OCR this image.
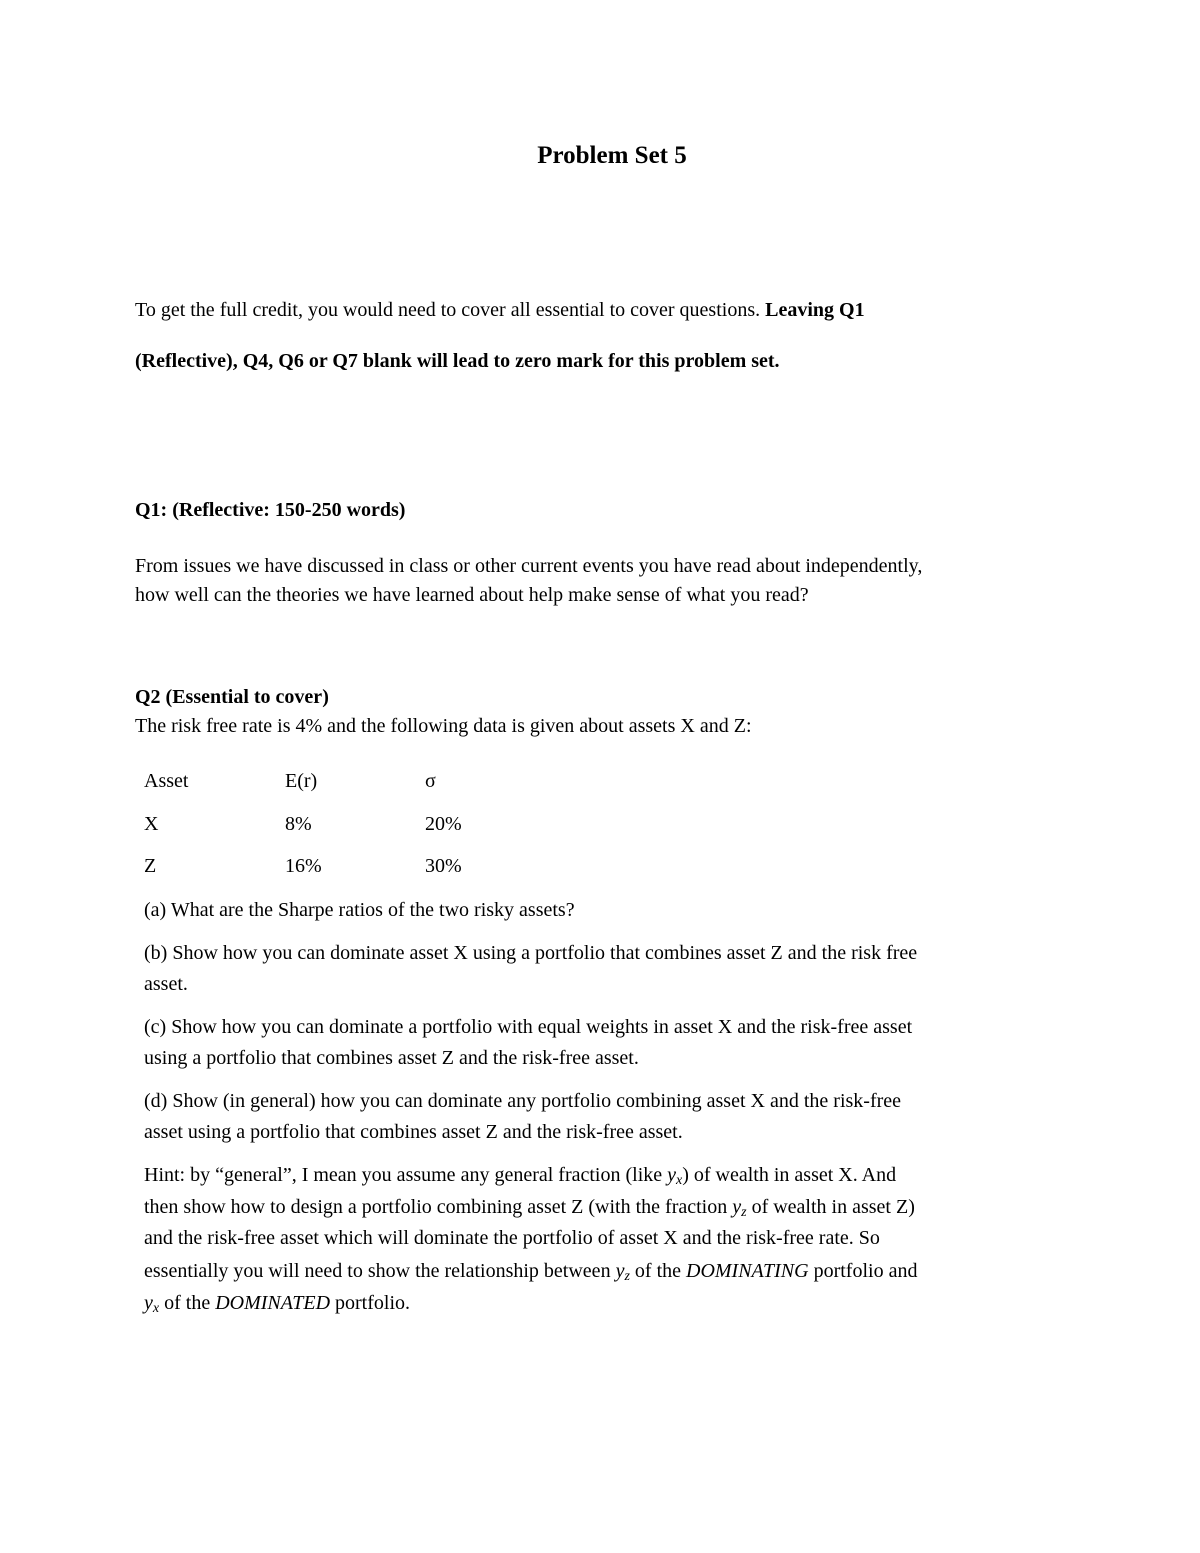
Problem Set 5
To get the full credit, you would need to cover all essential to cover questions. Leaving Q1
(Reflective), Q4, Q6 or Q7 blank will lead to zero mark for this problem set.
Q1: (Reflective: 150-250 words)
From issues we have discussed in class or other current events you have read about independently,
how well can the theories we have learned about help make sense of what you read?
Q2 (Essential to cover)
The risk free rate is 4% and the following data is given about assets X and Z:
Asset	E(r)	σ
X	8%	20%
Z	16%	30%
(a) What are the Sharpe ratios of the two risky assets?
(b) Show how you can dominate asset X using a portfolio that combines asset Z and the risk free
asset.
(c) Show how you can dominate a portfolio with equal weights in asset X and the risk-free asset
using a portfolio that combines asset Z and the risk-free asset.
(d) Show (in general) how you can dominate any portfolio combining asset X and the risk-free
asset using a portfolio that combines asset Z and the risk-free asset.
Hint: by “general”, I mean you assume any general fraction (like $y_x$) of wealth in asset X. And
then show how to design a portfolio combining asset Z (with the fraction $y_z$ of wealth in asset Z)
and the risk-free asset which will dominate the portfolio of asset X and the risk-free rate. So
essentially you will need to show the relationship between $y_z$ of the DOMINATING portfolio and
$y_x$ of the DOMINATED portfolio.
